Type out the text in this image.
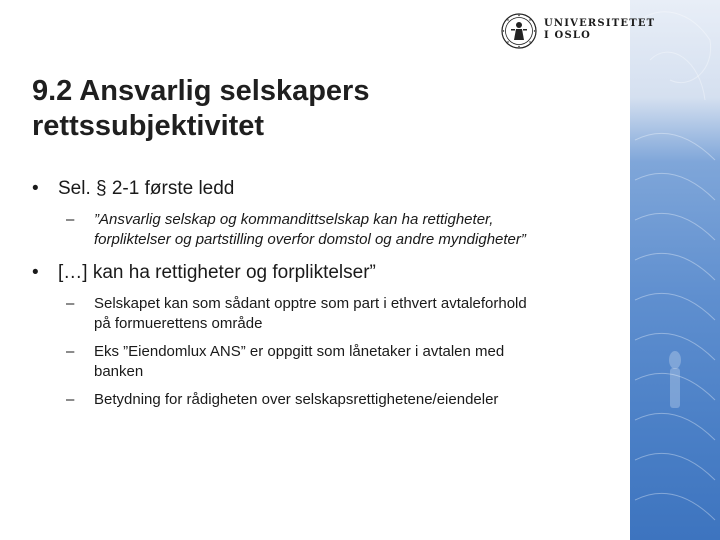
UNIVERSITETET
I OSLO
9.2 Ansvarlig selskapers
rettssubjektivitet
• Sel. § 2-1 første ledd
– ”Ansvarlig selskap og kommandittselskap kan ha rettigheter,
forpliktelser og partstilling overfor domstol og andre myndigheter”
• […] kan ha rettigheter og forpliktelser”
– Selskapet kan som sådant opptre som part i ethvert avtaleforhold
på formuerettens område
– Eks ”Eiendomlux ANS” er oppgitt som lånetaker i avtalen med
banken
– Betydning for rådigheten over selskapsrettighetene/eiendeler
